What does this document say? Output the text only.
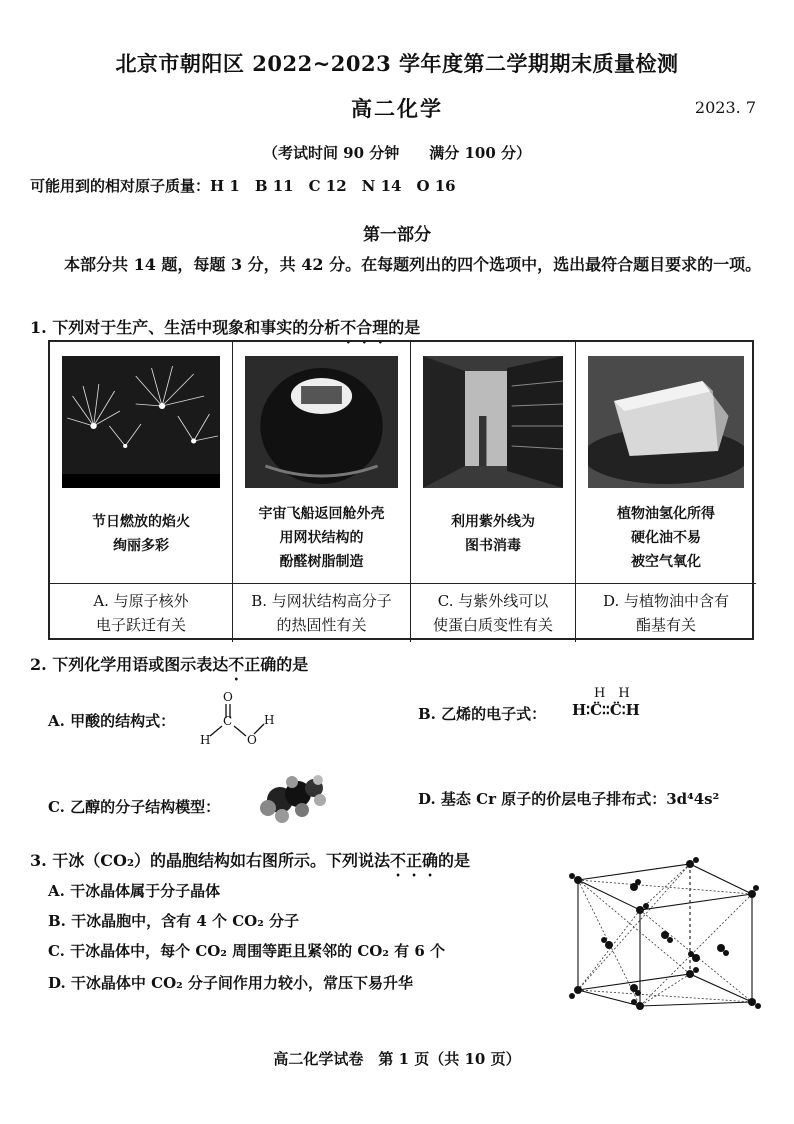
北京市朝阳区 2022~2023 学年度第二学期期末质量检测
高二化学	2023. 7
（考试时间 90 分钟　　满分 100 分）
可能用到的相对原子质量：H 1　B 11　C 12　N 14　O 16
第一部分
本部分共 14 题，每题 3 分，共 42 分。在每题列出的四个选项中，选出最符合题目要求的一项。
1. 下列对于生产、生活中现象和事实的分析不合理的是
节日燃放的焰火
绚丽多彩
宇宙飞船返回舱外壳
用网状结构的
酚醛树脂制造
利用紫外线为
图书消毒
植物油氢化所得
硬化油不易
被空气氧化
A. 与原子核外
电子跃迁有关
B. 与网状结构高分子
的热固性有关
C. 与紫外线可以
使蛋白质变性有关
D. 与植物油中含有
酯基有关
2. 下列化学用语或图示表达不正确的是
A. 甲酸的结构式：
O
C
O
H
H
B. 乙烯的电子式：
H　H
H∶C̈∶∶C̈∶H
C. 乙醇的分子结构模型：	D. 基态 Cr 原子的价层电子排布式：3d⁴4s²
3. 干冰（CO₂）的晶胞结构如右图所示。下列说法不正确的是
A. 干冰晶体属于分子晶体
B. 干冰晶胞中，含有 4 个 CO₂ 分子
C. 干冰晶体中，每个 CO₂ 周围等距且紧邻的 CO₂ 有 6 个
D. 干冰晶体中 CO₂ 分子间作用力较小，常压下易升华
高二化学试卷　第 1 页（共 10 页）
